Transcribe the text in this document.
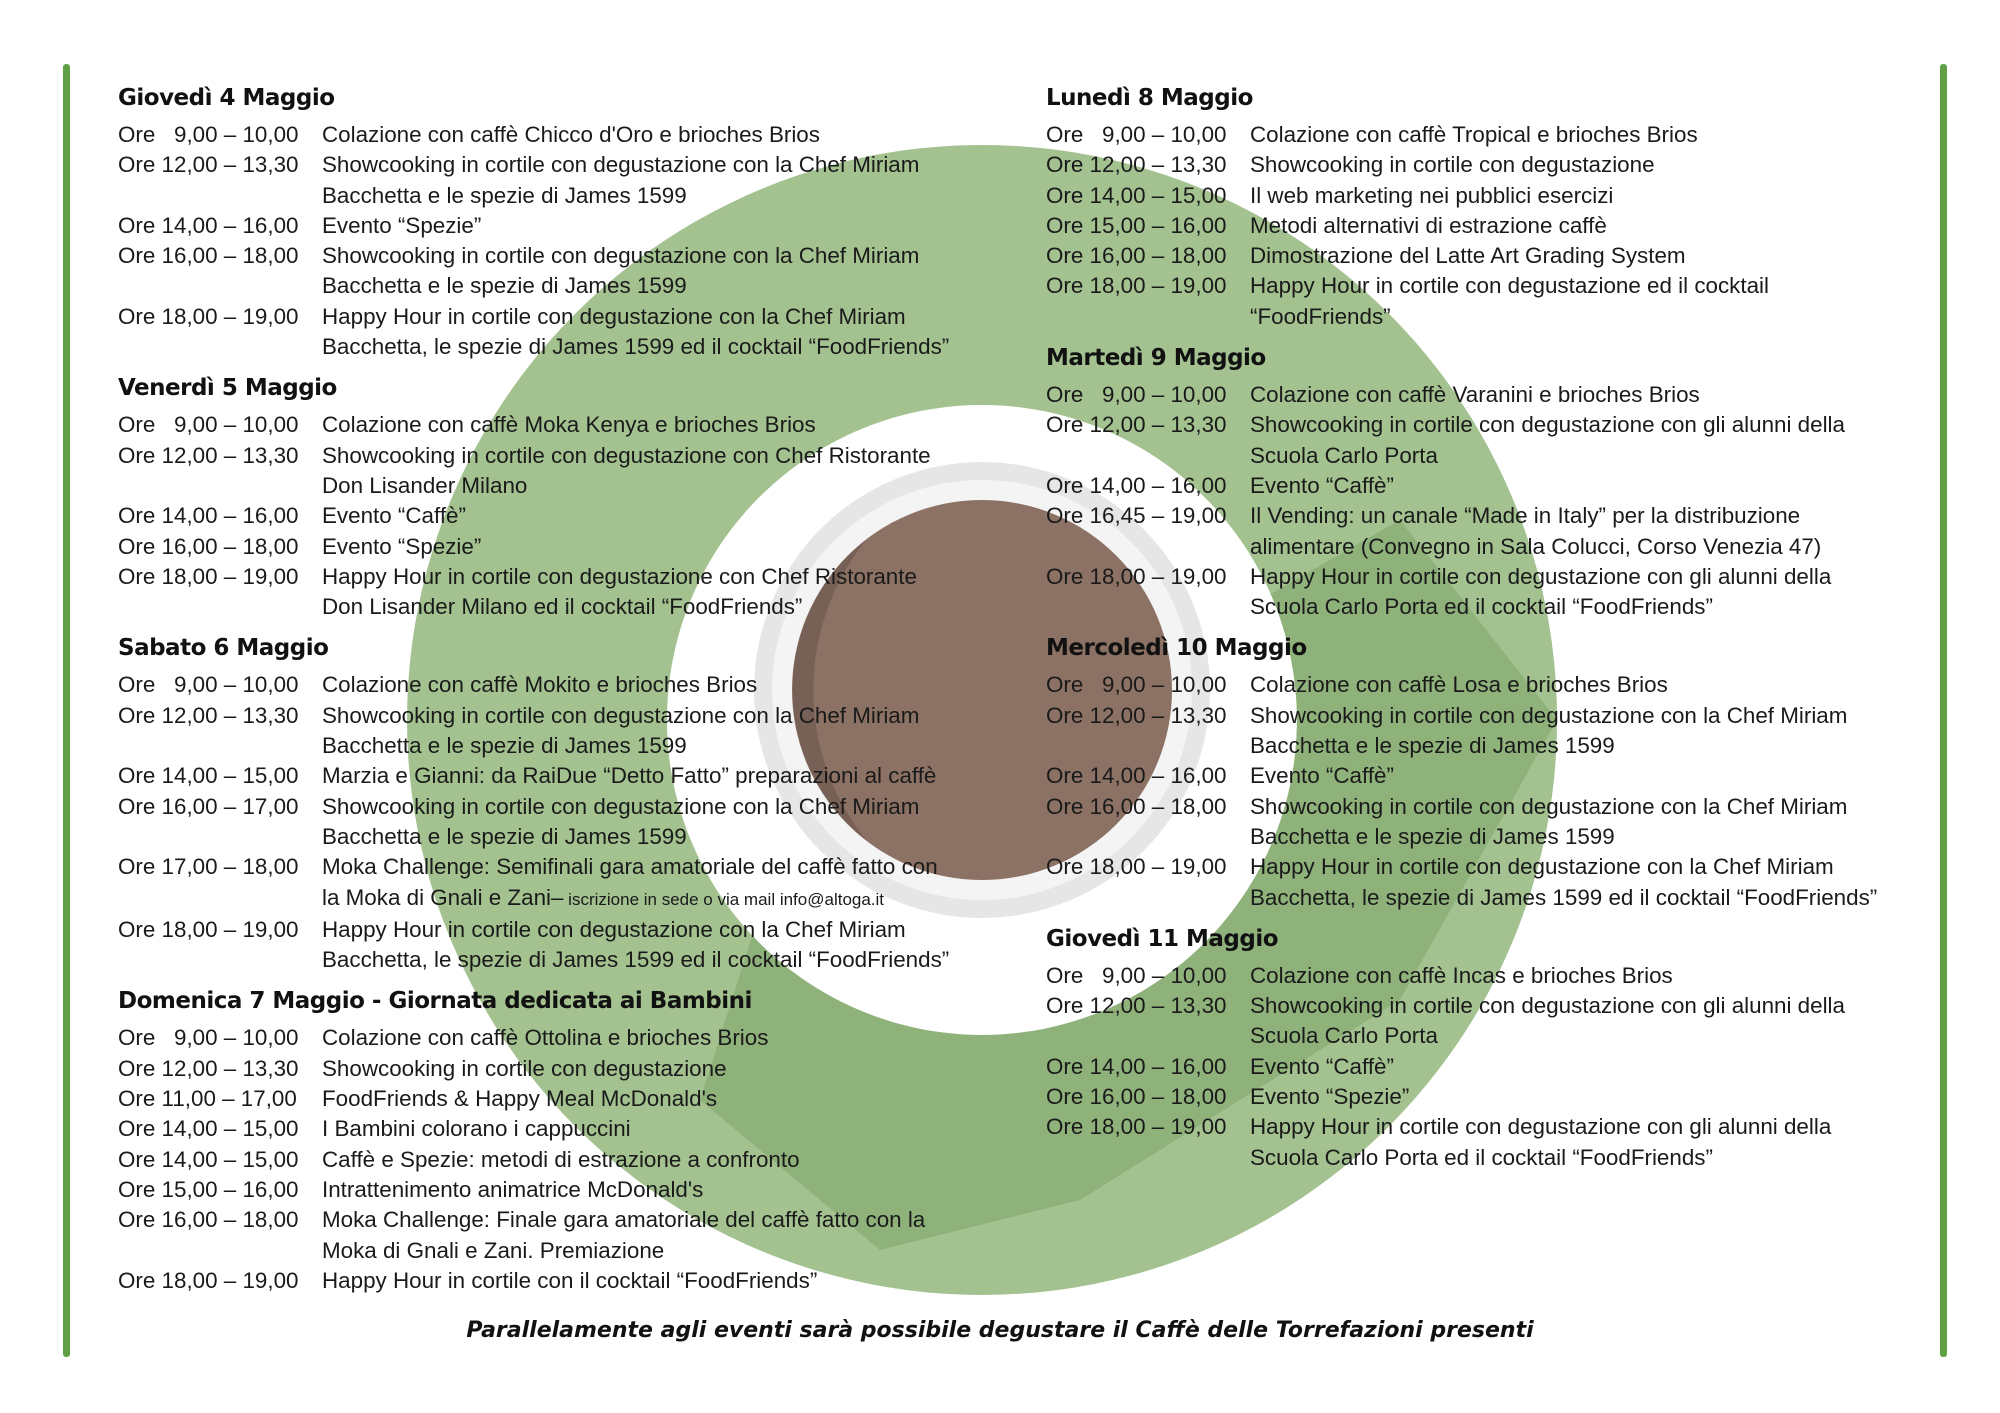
Giovedì 4 Maggio
Ore   9,00 – 10,00	Colazione con caffè Chicco d'Oro e brioches Brios
Ore 12,00 – 13,30	Showcooking in cortile con degustazione con la Chef Miriam
Bacchetta e le spezie di James 1599
Ore 14,00 – 16,00	Evento “Spezie”
Ore 16,00 – 18,00	Showcooking in cortile con degustazione con la Chef Miriam
Bacchetta e le spezie di James 1599
Ore 18,00 – 19,00	Happy Hour in cortile con degustazione con la Chef Miriam
Bacchetta, le spezie di James 1599 ed il cocktail “FoodFriends”
Venerdì 5 Maggio
Ore   9,00 – 10,00	Colazione con caffè Moka Kenya e brioches Brios
Ore 12,00 – 13,30	Showcooking in cortile con degustazione con Chef Ristorante
Don Lisander Milano
Ore 14,00 – 16,00	Evento “Caffè”
Ore 16,00 – 18,00	Evento “Spezie”
Ore 18,00 – 19,00	Happy Hour in cortile con degustazione con Chef Ristorante
Don Lisander Milano ed il cocktail “FoodFriends”
Sabato 6 Maggio
Ore   9,00 – 10,00	Colazione con caffè Mokito e brioches Brios
Ore 12,00 – 13,30	Showcooking in cortile con degustazione con la Chef Miriam
Bacchetta e le spezie di James 1599
Ore 14,00 – 15,00	Marzia e Gianni: da RaiDue “Detto Fatto” preparazioni al caffè
Ore 16,00 – 17,00	Showcooking in cortile con degustazione con la Chef Miriam
Bacchetta e le spezie di James 1599
Ore 17,00 – 18,00	Moka Challenge: Semifinali gara amatoriale del caffè fatto con
la Moka di Gnali e Zani– iscrizione in sede o via mail info@altoga.it
Ore 18,00 – 19,00	Happy Hour in cortile con degustazione con la Chef Miriam
Bacchetta, le spezie di James 1599 ed il cocktail “FoodFriends”
Domenica 7 Maggio - Giornata dedicata ai Bambini
Ore   9,00 – 10,00	Colazione con caffè Ottolina e brioches Brios
Ore 12,00 – 13,30	Showcooking in cortile con degustazione
Ore 11,00 – 17,00	FoodFriends & Happy Meal McDonald's
Ore 14,00 – 15,00	I Bambini colorano i cappuccini
Ore 14,00 – 15,00	Caffè e Spezie: metodi di estrazione a confronto
Ore 15,00 – 16,00	Intrattenimento animatrice McDonald's
Ore 16,00 – 18,00	Moka Challenge: Finale gara amatoriale del caffè fatto con la
Moka di Gnali e Zani. Premiazione
Ore 18,00 – 19,00	Happy Hour in cortile con il cocktail “FoodFriends”
Lunedì 8 Maggio
Ore   9,00 – 10,00	Colazione con caffè Tropical e brioches Brios
Ore 12,00 – 13,30	Showcooking in cortile con degustazione
Ore 14,00 – 15,00	Il web marketing nei pubblici esercizi
Ore 15,00 – 16,00	Metodi alternativi di estrazione caffè
Ore 16,00 – 18,00	Dimostrazione del Latte Art Grading System
Ore 18,00 – 19,00	Happy Hour in cortile con degustazione ed il cocktail
“FoodFriends”
Martedì 9 Maggio
Ore   9,00 – 10,00	Colazione con caffè Varanini e brioches Brios
Ore 12,00 – 13,30	Showcooking in cortile con degustazione con gli alunni della
Scuola Carlo Porta
Ore 14,00 – 16,00	Evento “Caffè”
Ore 16,45 – 19,00	Il Vending: un canale “Made in Italy” per la distribuzione
alimentare (Convegno in Sala Colucci, Corso Venezia 47)
Ore 18,00 – 19,00	Happy Hour in cortile con degustazione con gli alunni della
Scuola Carlo Porta ed il cocktail “FoodFriends”
Mercoledì 10 Maggio
Ore   9,00 – 10,00	Colazione con caffè Losa e brioches Brios
Ore 12,00 – 13,30	Showcooking in cortile con degustazione con la Chef Miriam
Bacchetta e le spezie di James 1599
Ore 14,00 – 16,00	Evento “Caffè”
Ore 16,00 – 18,00	Showcooking in cortile con degustazione con la Chef Miriam
Bacchetta e le spezie di James 1599
Ore 18,00 – 19,00	Happy Hour in cortile con degustazione con la Chef Miriam
Bacchetta, le spezie di James 1599 ed il cocktail “FoodFriends”
Giovedì 11 Maggio
Ore   9,00 – 10,00	Colazione con caffè Incas e brioches Brios
Ore 12,00 – 13,30	Showcooking in cortile con degustazione con gli alunni della
Scuola Carlo Porta
Ore 14,00 – 16,00	Evento “Caffè”
Ore 16,00 – 18,00	Evento “Spezie”
Ore 18,00 – 19,00	Happy Hour in cortile con degustazione con gli alunni della
Scuola Carlo Porta ed il cocktail “FoodFriends”
Parallelamente agli eventi sarà possibile degustare il Caffè delle Torrefazioni presenti
